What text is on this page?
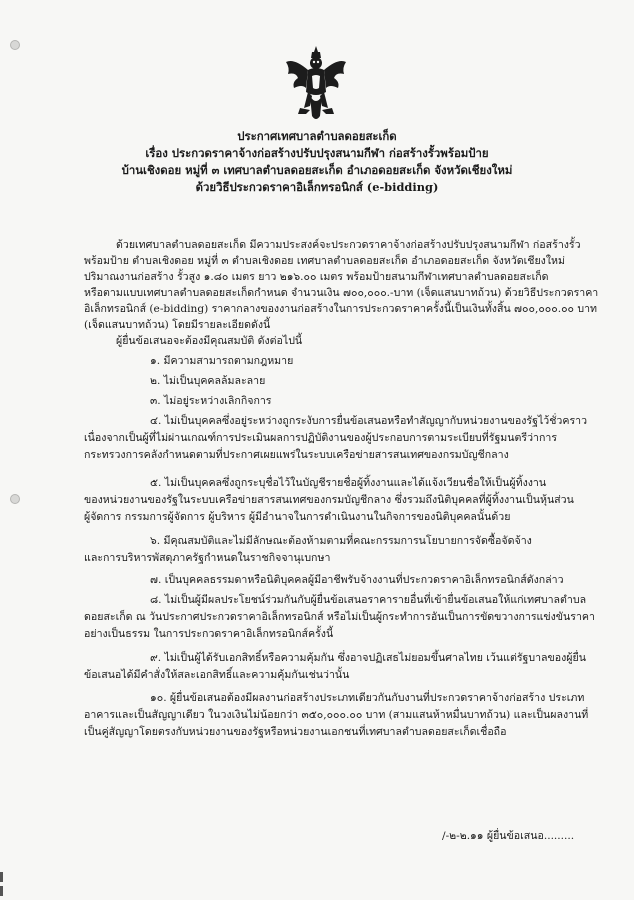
ประกาศเทศบาลตำบลดอยสะเก็ด
เรื่อง ประกวดราคาจ้างก่อสร้างปรับปรุงสนามกีฬา ก่อสร้างรั้วพร้อมป้าย
บ้านเชิงดอย หมู่ที่ ๓ เทศบาลตำบลดอยสะเก็ด อำเภอดอยสะเก็ด จังหวัดเชียงใหม่
ด้วยวิธีประกวดราคาอิเล็กทรอนิกส์ (e-bidding)
ด้วยเทศบาลตำบลดอยสะเก็ด มีความประสงค์จะประกวดราคาจ้างก่อสร้างปรับปรุงสนามกีฬา ก่อสร้างรั้ว
พร้อมป้าย ตำบลเชิงดอย หมู่ที่ ๓ ตำบลเชิงดอย เทศบาลตำบลดอยสะเก็ด อำเภอดอยสะเก็ด จังหวัดเชียงใหม่
ปริมาณงานก่อสร้าง รั้วสูง ๑.๘๐ เมตร ยาว ๒๑๖.๐๐ เมตร พร้อมป้ายสนามกีฬาเทศบาลตำบลดอยสะเก็ด
หรือตามแบบเทศบาลตำบลดอยสะเก็ดกำหนด จำนวนเงิน ๗๐๐,๐๐๐.-บาท (เจ็ดแสนบาทถ้วน) ด้วยวิธีประกวดราคา
อิเล็กทรอนิกส์ (e-bidding) ราคากลางของงานก่อสร้างในการประกวดราคาครั้งนี้เป็นเงินทั้งสิ้น ๗๐๐,๐๐๐.๐๐ บาท
(เจ็ดแสนบาทถ้วน) โดยมีรายละเอียดดังนี้
ผู้ยื่นข้อเสนอจะต้องมีคุณสมบัติ ดังต่อไปนี้
๑. มีความสามารถตามกฎหมาย
๒. ไม่เป็นบุคคลล้มละลาย
๓. ไม่อยู่ระหว่างเลิกกิจการ
๔. ไม่เป็นบุคคลซึ่งอยู่ระหว่างถูกระงับการยื่นข้อเสนอหรือทำสัญญากับหน่วยงานของรัฐไว้ชั่วคราว
เนื่องจากเป็นผู้ที่ไม่ผ่านเกณฑ์การประเมินผลการปฏิบัติงานของผู้ประกอบการตามระเบียบที่รัฐมนตรีว่าการ
กระทรวงการคลังกำหนดตามที่ประกาศเผยแพร่ในระบบเครือข่ายสารสนเทศของกรมบัญชีกลาง
๕. ไม่เป็นบุคคลซึ่งถูกระบุชื่อไว้ในบัญชีรายชื่อผู้ทิ้งงานและได้แจ้งเวียนชื่อให้เป็นผู้ทิ้งงาน
ของหน่วยงานของรัฐในระบบเครือข่ายสารสนเทศของกรมบัญชีกลาง ซึ่งรวมถึงนิติบุคคลที่ผู้ทิ้งงานเป็นหุ้นส่วน
ผู้จัดการ กรรมการผู้จัดการ ผู้บริหาร ผู้มีอำนาจในการดำเนินงานในกิจการของนิติบุคคลนั้นด้วย
๖. มีคุณสมบัติและไม่มีลักษณะต้องห้ามตามที่คณะกรรมการนโยบายการจัดซื้อจัดจ้าง
และการบริหารพัสดุภาครัฐกำหนดในราชกิจจานุเบกษา
๗. เป็นบุคคลธรรมดาหรือนิติบุคคลผู้มีอาชีพรับจ้างงานที่ประกวดราคาอิเล็กทรอนิกส์ดังกล่าว
๘. ไม่เป็นผู้มีผลประโยชน์ร่วมกันกับผู้ยื่นข้อเสนอราคารายอื่นที่เข้ายื่นข้อเสนอให้แก่เทศบาลตำบล
ดอยสะเก็ด ณ วันประกาศประกวดราคาอิเล็กทรอนิกส์ หรือไม่เป็นผู้กระทำการอันเป็นการขัดขวางการแข่งขันราคา
อย่างเป็นธรรม ในการประกวดราคาอิเล็กทรอนิกส์ครั้งนี้
๙. ไม่เป็นผู้ได้รับเอกสิทธิ์หรือความคุ้มกัน ซึ่งอาจปฏิเสธไม่ยอมขึ้นศาลไทย เว้นแต่รัฐบาลของผู้ยื่น
ข้อเสนอได้มีคำสั่งให้สละเอกสิทธิ์และความคุ้มกันเช่นว่านั้น
๑๐. ผู้ยื่นข้อเสนอต้องมีผลงานก่อสร้างประเภทเดียวกันกับงานที่ประกวดราคาจ้างก่อสร้าง ประเภท
อาคารและเป็นสัญญาเดียว ในวงเงินไม่น้อยกว่า ๓๕๐,๐๐๐.๐๐ บาท (สามแสนห้าหมื่นบาทถ้วน) และเป็นผลงานที่
เป็นคู่สัญญาโดยตรงกับหน่วยงานของรัฐหรือหน่วยงานเอกชนที่เทศบาลตำบลดอยสะเก็ดเชื่อถือ
/-๒-๒.๑๑ ผู้ยื่นข้อเสนอ.........
